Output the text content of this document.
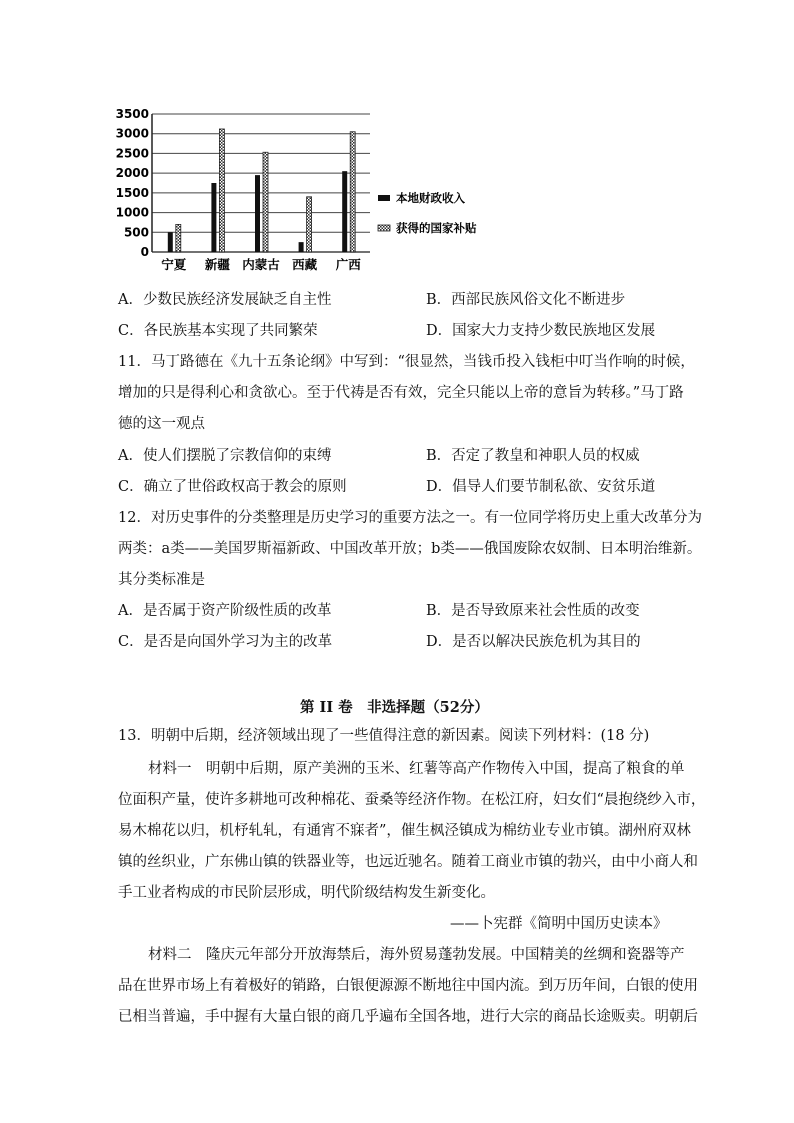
3500
3000
2500
2000
1500
1000
500
0
宁夏 新疆 内蒙古 西藏 广西
本地财政收入
获得的国家补贴
A．少数民族经济发展缺乏自主性	B．西部民族风俗文化不断进步
C．各民族基本实现了共同繁荣	D．国家大力支持少数民族地区发展
11．马丁路德在《九十五条论纲》中写到：“很显然，当钱币投入钱柜中叮当作响的时候，
增加的只是得利心和贪欲心。至于代祷是否有效，完全只能以上帝的意旨为转移。”马丁路
德的这一观点
A．使人们摆脱了宗教信仰的束缚	B．否定了教皇和神职人员的权威
C．确立了世俗政权高于教会的原则	D．倡导人们要节制私欲、安贫乐道
12．对历史事件的分类整理是历史学习的重要方法之一。有一位同学将历史上重大改革分为
两类：a类——美国罗斯福新政、中国改革开放；b类——俄国废除农奴制、日本明治维新。
其分类标准是
A．是否属于资产阶级性质的改革	B．是否导致原来社会性质的改变
C．是否是向国外学习为主的改革	D．是否以解决民族危机为其目的
第 II 卷　非选择题（52分）
13．明朝中后期，经济领域出现了一些值得注意的新因素。阅读下列材料：(18 分)
材料一　明朝中后期，原产美洲的玉米、红薯等高产作物传入中国，提高了粮食的单
位面积产量，使许多耕地可改种棉花、蚕桑等经济作物。在松江府，妇女们“晨抱绕纱入市，
易木棉花以归，机杼轧轧，有通宵不寐者”，催生枫泾镇成为棉纺业专业市镇。湖州府双林
镇的丝织业，广东佛山镇的铁器业等，也远近驰名。随着工商业市镇的勃兴，由中小商人和
手工业者构成的市民阶层形成，明代阶级结构发生新变化。
——卜宪群《简明中国历史读本》
材料二　隆庆元年部分开放海禁后，海外贸易蓬勃发展。中国精美的丝绸和瓷器等产
品在世界市场上有着极好的销路，白银便源源不断地往中国内流。到万历年间，白银的使用
已相当普遍，手中握有大量白银的商几乎遍布全国各地，进行大宗的商品长途贩卖。明朝后
